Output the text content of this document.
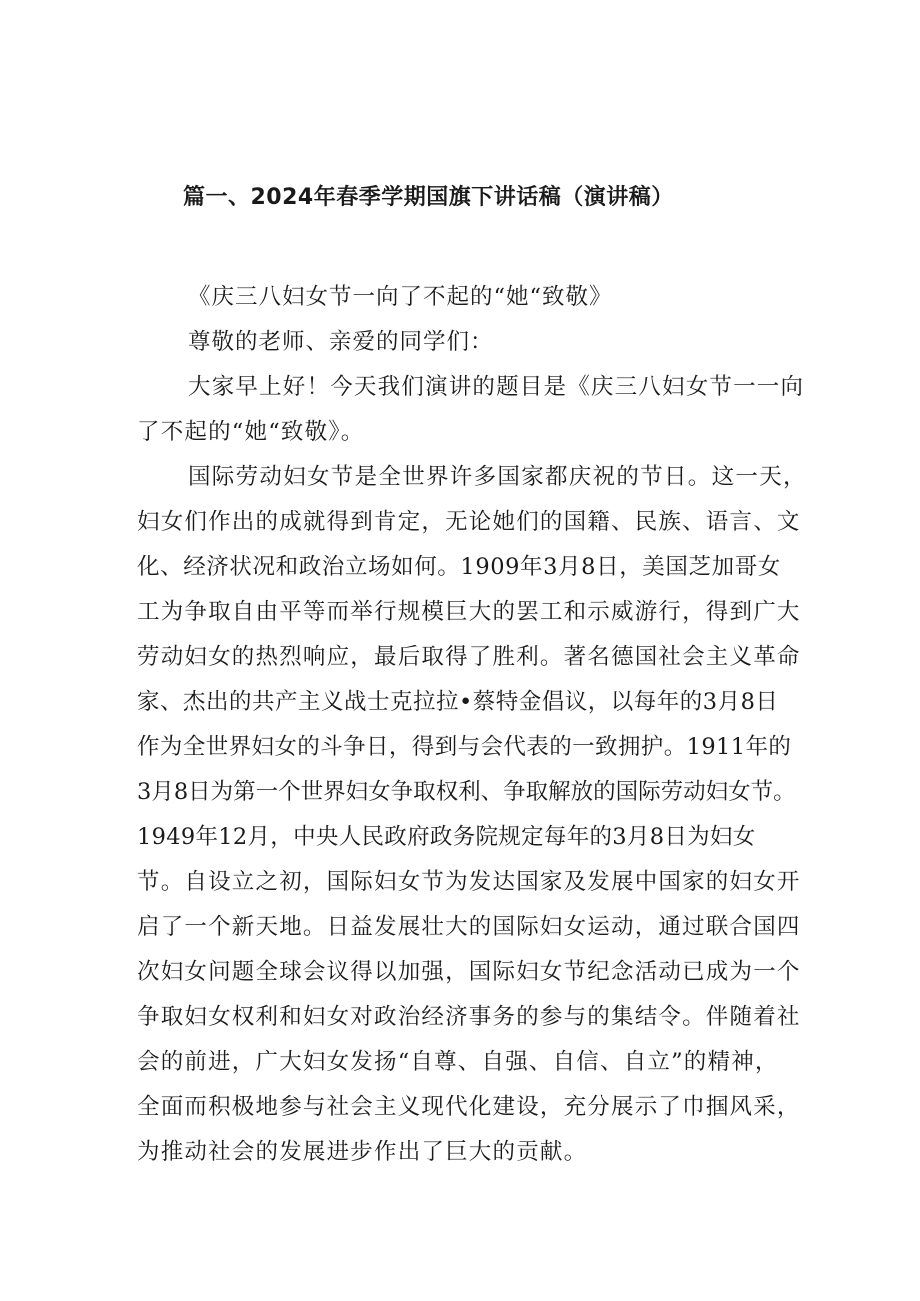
篇一、2024年春季学期国旗下讲话稿（演讲稿）

《庆三八妇女节一向了不起的“她“致敬》

尊敬的老师、亲爱的同学们：

大家早上好！今天我们演讲的题目是《庆三八妇女节一一向

了不起的“她“致敬》。

国际劳动妇女节是全世界许多国家都庆祝的节日。这一天，

妇女们作出的成就得到肯定，无论她们的国籍、民族、语言、文

化、经济状况和政治立场如何。1909年3月8日，美国芝加哥女

工为争取自由平等而举行规模巨大的罢工和示威游行，得到广大

劳动妇女的热烈响应，最后取得了胜利。著名德国社会主义革命

家、杰出的共产主义战士克拉拉•蔡特金倡议，以每年的3月8日

作为全世界妇女的斗争日，得到与会代表的一致拥护。1911年的

3月8日为第一个世界妇女争取权利、争取解放的国际劳动妇女节。

1949年12月，中央人民政府政务院规定每年的3月8日为妇女

节。自设立之初，国际妇女节为发达国家及发展中国家的妇女开

启了一个新天地。日益发展壮大的国际妇女运动，通过联合国四

次妇女问题全球会议得以加强，国际妇女节纪念活动已成为一个

争取妇女权利和妇女对政治经济事务的参与的集结令。伴随着社

会的前进，广大妇女发扬“自尊、自强、自信、自立”的精神，

全面而积极地参与社会主义现代化建设，充分展示了巾掴风采，

为推动社会的发展进步作出了巨大的贡献。
